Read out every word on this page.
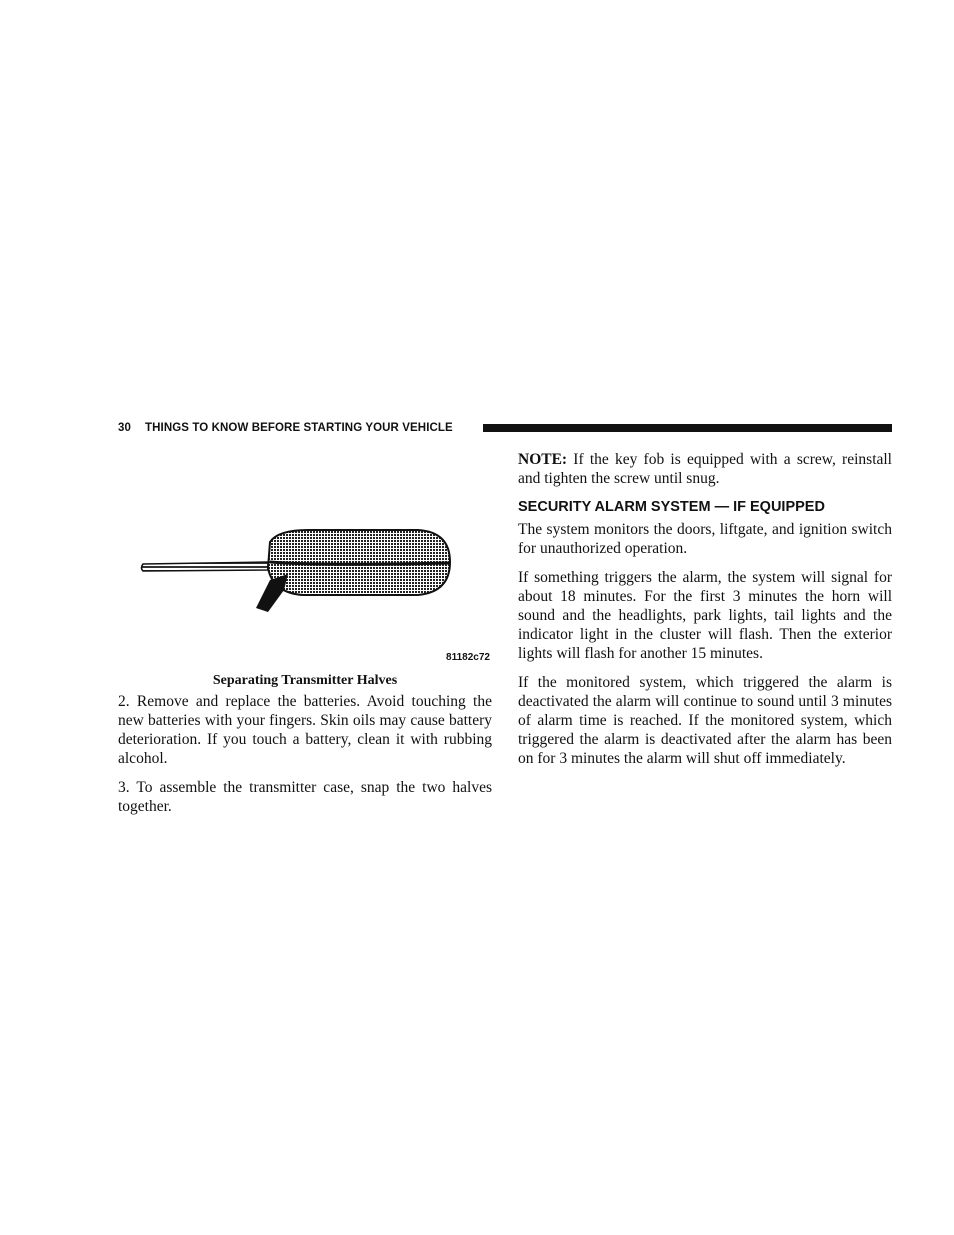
30 THINGS TO KNOW BEFORE STARTING YOUR VEHICLE
81182c72
Separating Transmitter Halves

2. Remove and replace the batteries. Avoid touching the new batteries with your fingers. Skin oils may cause battery deterioration. If you touch a battery, clean it with rubbing alcohol.

3. To assemble the transmitter case, snap the two halves together.

NOTE: If the key fob is equipped with a screw, reinstall and tighten the screw until snug.

SECURITY ALARM SYSTEM — IF EQUIPPED

The system monitors the doors, liftgate, and ignition switch for unauthorized operation.

If something triggers the alarm, the system will signal for about 18 minutes. For the first 3 minutes the horn will sound and the headlights, park lights, tail lights and the indicator light in the cluster will flash. Then the exterior lights will flash for another 15 minutes.

If the monitored system, which triggered the alarm is deactivated the alarm will continue to sound until 3 minutes of alarm time is reached. If the monitored system, which triggered the alarm is deactivated after the alarm has been on for 3 minutes the alarm will shut off immediately.
